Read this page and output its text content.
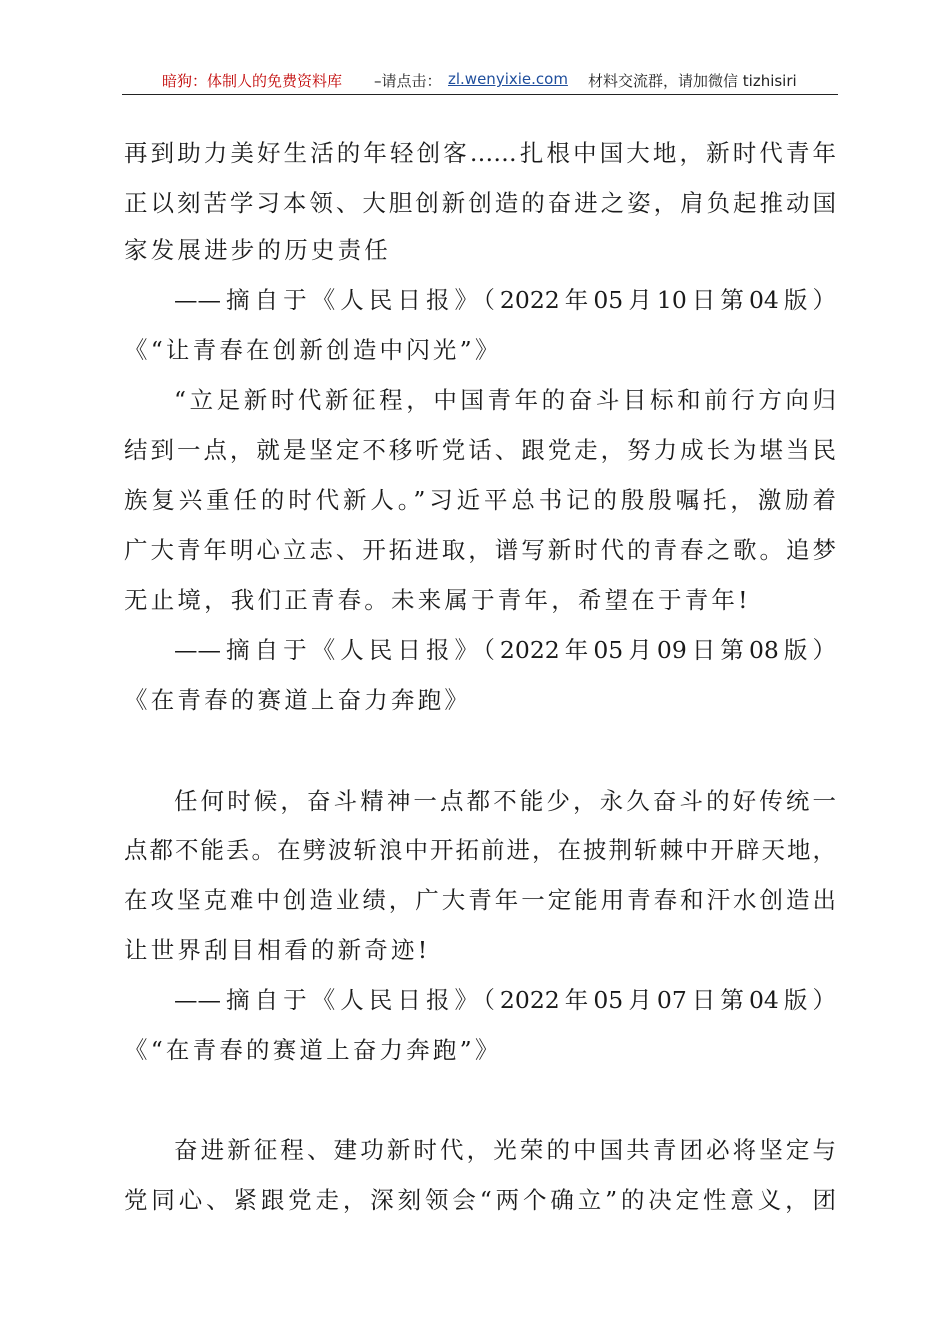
暗狗：体制人的免费资料库 –请点击： zl.wenyixie.com 材料交流群，请加微信 tizhisiri
再到助力美好生活的年轻创客……扎根中国大地，新时代青年
正以刻苦学习本领、大胆创新创造的奋进之姿，肩负起推动国
家发展进步的历史责任
——摘自于《人民日报》（2022年05月10日第04版）
《“让青春在创新创造中闪光”》
“立足新时代新征程，中国青年的奋斗目标和前行方向归
结到一点，就是坚定不移听党话、跟党走，努力成长为堪当民
族复兴重任的时代新人。”习近平总书记的殷殷嘱托，激励着
广大青年明心立志、开拓进取，谱写新时代的青春之歌。追梦
无止境，我们正青春。未来属于青年，希望在于青年!
——摘自于《人民日报》（2022年05月09日第08版）
《在青春的赛道上奋力奔跑》
任何时候，奋斗精神一点都不能少，永久奋斗的好传统一
点都不能丢。在劈波斩浪中开拓前进，在披荆斩棘中开辟天地，
在攻坚克难中创造业绩，广大青年一定能用青春和汗水创造出
让世界刮目相看的新奇迹!
——摘自于《人民日报》（2022年05月07日第04版）
《“在青春的赛道上奋力奔跑”》
奋进新征程、建功新时代，光荣的中国共青团必将坚定与
党同心、紧跟党走，深刻领会“两个确立”的决定性意义，团
